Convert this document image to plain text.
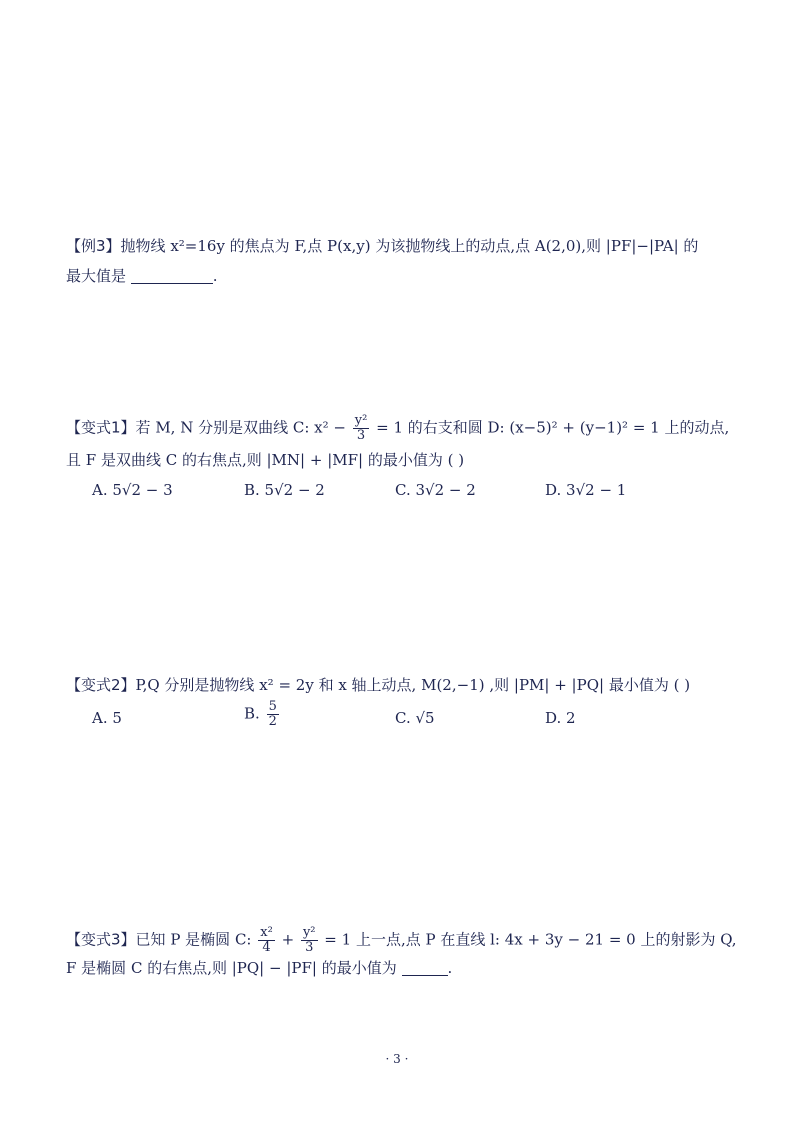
【例3】抛物线 x²=16y 的焦点为 F,点 P(x,y) 为该抛物线上的动点,点 A(2,0),则 |PF|−|PA| 的
最大值是	.
【变式1】若 M, N 分别是双曲线 C: $x^2 - \frac{\text{y²}}{3} = 1$ 的右支和圆 D: (x−5)² + (y−1)² = 1 上的动点,
且 F 是双曲线 C 的右焦点,则 |MN| + |MF| 的最小值为 ( )
A. 5√2 − 3	B. 5√2 − 2	C. 3√2 − 2	D. 3√2 − 1
【变式2】P,Q 分别是抛物线 x² = 2y 和 x 轴上动点, M(2,−1) ,则 |PM| + |PQ| 最小值为 ( )
A. 5	B. $\frac{5}{2}$	C. √5	D. 2
【变式3】已知 P 是椭圆 C: $\frac{\text{x²}}{4} + \frac{\text{y²}}{3} = 1$ 上一点,点 P 在直线 l: 4x + 3y − 21 = 0 上的射影为 Q,
F 是椭圆 C 的右焦点,则 |PQ| − |PF| 的最小值为	.
· 3 ·
